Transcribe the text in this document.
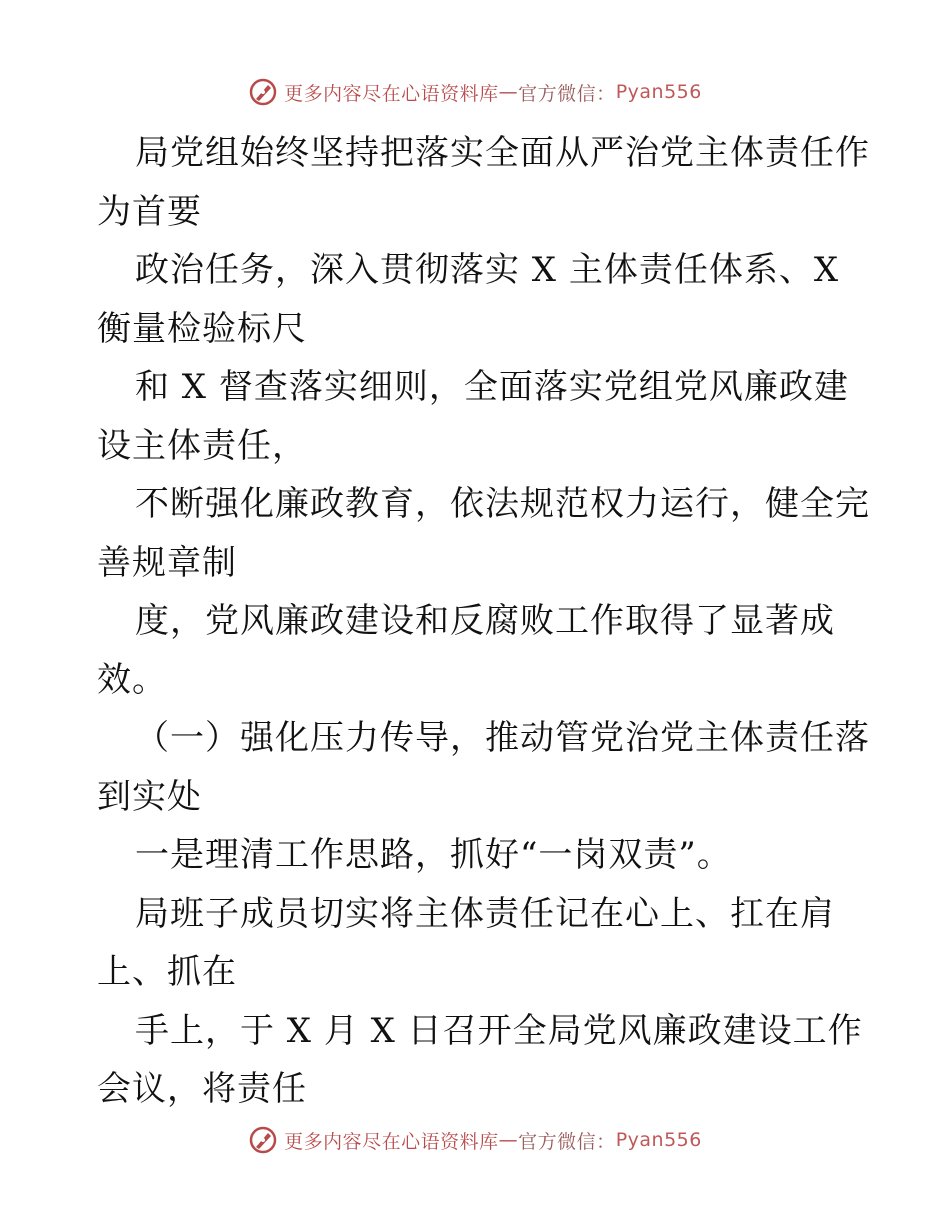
更多内容尽在心语资料库 — 官方微信： Pyan556
局党组始终坚持把落实全面从严治党主体责任作
为首要
政治任务，深入贯彻落实 X 主体责任体系、X
衡量检验标尺
和 X 督查落实细则，全面落实党组党风廉政建
设主体责任，
不断强化廉政教育，依法规范权力运行，健全完
善规章制
度，党风廉政建设和反腐败工作取得了显著成
效。
（一）强化压力传导，推动管党治党主体责任落
到实处
一是理清工作思路，抓好“一岗双责”。
局班子成员切实将主体责任记在心上、扛在肩
上、抓在
手上，于 X 月 X 日召开全局党风廉政建设工作
会议，将责任
更多内容尽在心语资料库 — 官方微信： Pyan556
